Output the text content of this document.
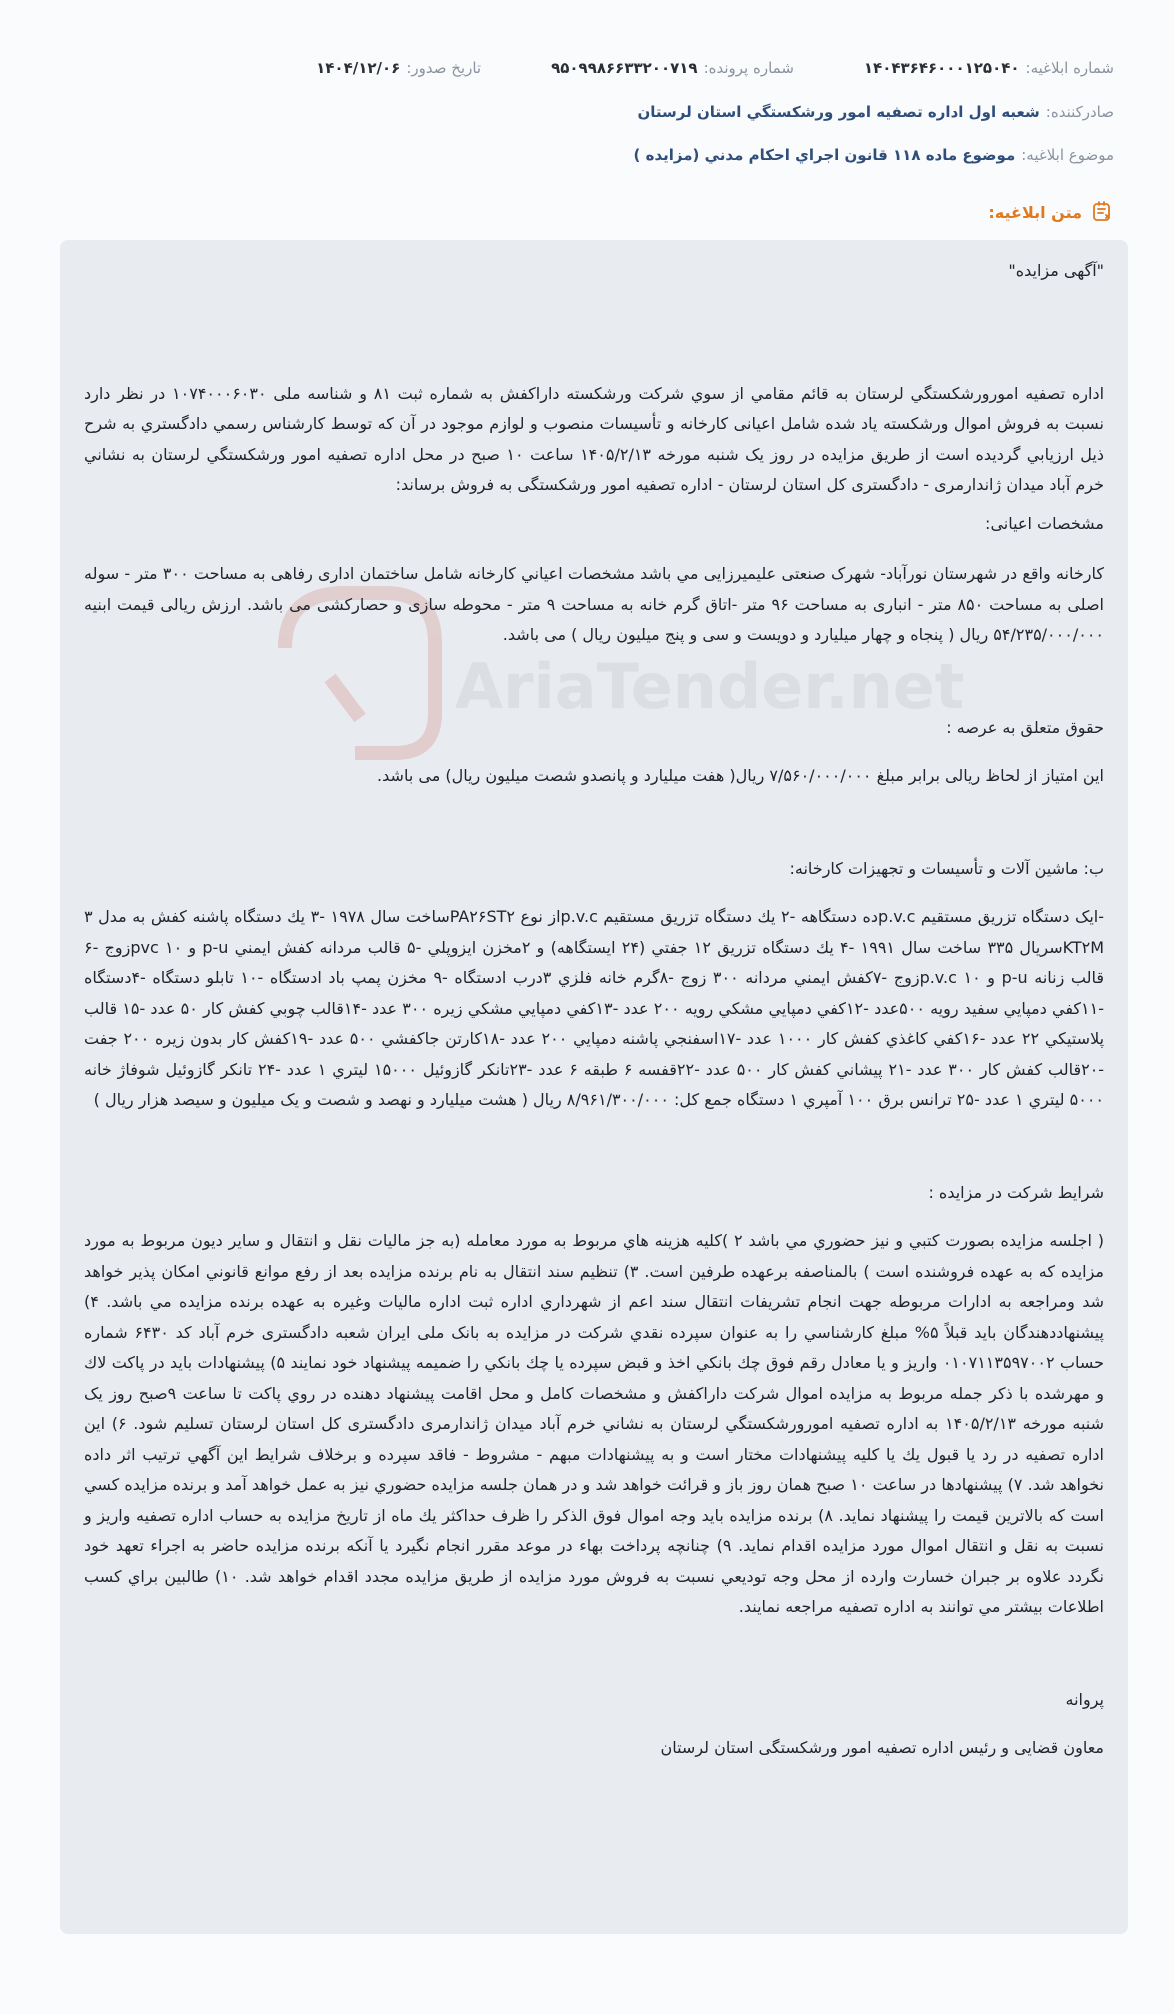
شماره ابلاغيه:
۱۴۰۴۳۶۴۶۰۰۰۱۲۵۰۴۰
شماره پرونده:
۹۵۰۹۹۸۶۶۳۳۲۰۰۷۱۹
تاريخ صدور:
۱۴۰۴/۱۲/۰۶
صادرکننده:
شعبه اول اداره تصفيه امور ورشکستگي استان لرستان
موضوع ابلاغيه:
موضوع ماده ۱۱۸ قانون اجراي احکام مدني (مزايده )
متن ابلاغيه:
AriaTender.net

"آگهی مزایده"

اداره تصفیه امورورشکستگي لرستان به قائم مقامي از سوي شرکت ورشکسته داراکفش به شماره ثبت ۸۱ و شناسه ملی ۱۰۷۴۰۰۰۶۰۳۰ در نظر دارد نسبت به فروش اموال ورشکسته یاد شده شامل اعیانی کارخانه و تأسیسات منصوب و لوازم موجود در آن که توسط کارشناس رسمي دادگستري به شرح ذیل ارزيابي گرديده است از طريق مزايده در روز یک شنبه مورخه ۱۴۰۵/۲/۱۳ ساعت ۱۰ صبح در محل اداره تصفیه امور ورشکستگي لرستان به نشاني خرم آباد میدان ژاندارمری - دادگستری کل استان لرستان - اداره تصفیه امور ورشکستگی به فروش برساند:

مشخصات اعیانی:

کارخانه واقع در شهرستان نورآباد- شهرک صنعتی علیمیرزایی مي باشد مشخصات اعیاني کارخانه شامل ساختمان اداری رفاهی به مساحت ۳۰۰ متر - سوله اصلی به مساحت ۸۵۰ متر - انباری به مساحت ۹۶ متر -اتاق گرم خانه به مساحت ۹ متر - محوطه سازی و حصارکشی می باشد. ارزش ریالی قیمت ابنیه ۵۴/۲۳۵/۰۰۰/۰۰۰ ریال ( پنجاه و چهار میلیارد و دویست و سی و پنج میلیون ریال ) می باشد.

حقوق متعلق به عرصه :

این امتیاز از لحاظ ریالی برابر مبلغ ۷/۵۶۰/۰۰۰/۰۰۰ ریال( هفت میلیارد و پانصدو شصت میلیون ریال) می باشد.

ب: ماشین آلات و تأسیسات و تجهیزات کارخانه:

-ایک دستگاه تزريق مستقيم p.v.cده دستگاهه -۲ يك دستگاه تزريق مستقيم p.v.cاز نوع PA۲۶ST۲ساخت سال ۱۹۷۸ -۳ يك دستگاه پاشنه کفش به مدل ۳ KT۲Mسريال ۳۳۵ ساخت سال ۱۹۹۱ -۴ يك دستگاه تزريق ۱۲ جفتي (۲۴ ايستگاهه) و ۲مخزن ايزوپلي -۵ قالب مردانه کفش ايمني p-u و pvc ۱۰زوج -۶ قالب زنانه p-u و p.v.c ۱۰زوج -۷کفش ايمني مردانه ۳۰۰ زوج -۸گرم خانه فلزي ۳درب ادستگاه -۹ مخزن پمپ باد ادستگاه -۱۰ تابلو دستگاه -۴دستگاه -۱۱کفي دمپايي سفيد رويه ۵۰۰عدد -۱۲کفي دمپايي مشکي رويه ۲۰۰ عدد -۱۳کفي دمپايي مشکي زيره ۳۰۰ عدد -۱۴قالب چوبي کفش کار ۵۰ عدد -۱۵ قالب پلاستيکي ۲۲ عدد -۱۶کفي کاغذي کفش کار ۱۰۰۰ عدد -۱۷اسفنجي پاشنه دمپايي ۲۰۰ عدد -۱۸کارتن جاکفشي ۵۰۰ عدد -۱۹کفش کار بدون زيره ۲۰۰ جفت -۲۰قالب کفش کار ۳۰۰ عدد -۲۱ پيشاني کفش کار ۵۰۰ عدد -۲۲قفسه ۶ طبقه ۶ عدد -۲۳تانکر گازوئيل ۱۵۰۰۰ ليتري ۱ عدد -۲۴ تانکر گازوئيل شوفاژ خانه ۵۰۰۰ ليتري ۱ عدد -۲۵ ترانس برق ۱۰۰ آمپري ۱ دستگاه جمع کل: ۸/۹۶۱/۳۰۰/۰۰۰ ريال ( هشت ميليارد و نهصد و شصت و يک ميليون و سيصد هزار ريال )

شرایط شرکت در مزایده :

( اجلسه مزایده بصورت کتبي و نيز حضوري مي باشد ۲ )کليه هزينه هاي مربوط به مورد معامله (به جز ماليات نقل و انتقال و ساير ديون مربوط به مورد مزايده که به عهده فروشنده است ) بالمناصفه برعهده طرفين است. ۳) تنظيم سند انتقال به نام برنده مزايده بعد از رفع موانع قانوني امکان پذير خواهد شد ومراجعه به ادارات مربوطه جهت انجام تشريفات انتقال سند اعم از شهرداري اداره ثبت اداره ماليات وغيره به عهده برنده مزايده مي باشد. ۴) پيشنهاددهندگان بايد قبلاً ۵% مبلغ کارشناسي را به عنوان سپرده نقدي شرکت در مزايده به بانک ملی ایران شعبه دادگستری خرم آباد کد ۶۴۳۰ شماره حساب ۰۱۰۷۱۱۳۵۹۷۰۰۲ واريز و يا معادل رقم فوق چك بانكي اخذ و قبض سپرده يا چك بانكي را ضميمه پيشنهاد خود نمايند ۵) پيشنهادات بايد در پاکت لاك و مهرشده با ذکر جمله مربوط به مزايده اموال شرکت داراکفش و مشخصات کامل و محل اقامت پيشنهاد دهنده در روي پاکت تا ساعت ۹صبح روز یک شنبه مورخه ۱۴۰۵/۲/۱۳ به اداره تصفیه امورورشکستگي لرستان به نشاني خرم آباد میدان ژاندارمری دادگستری کل استان لرستان تسليم شود. ۶) اين اداره تصفيه در رد يا قبول يك يا کليه پيشنهادات مختار است و به پيشنهادات مبهم - مشروط - فاقد سپرده و برخلاف شرايط اين آگهي ترتيب اثر داده نخواهد شد. ۷) پيشنهادها در ساعت ۱۰ صبح همان روز باز و قرائت خواهد شد و در همان جلسه مزايده حضوري نيز به عمل خواهد آمد و برنده مزايده کسي است که بالاترين قيمت را پيشنهاد نمايد. ۸) برنده مزايده بايد وجه اموال فوق الذکر را ظرف حداکثر يك ماه از تاريخ مزايده به حساب اداره تصفيه واريز و نسبت به نقل و انتقال اموال مورد مزايده اقدام نمايد. ۹) چنانچه پرداخت بهاء در موعد مقرر انجام نگيرد يا آنکه برنده مزايده حاضر به اجراء تعهد خود نگردد علاوه بر جبران خسارت وارده از محل وجه توديعي نسبت به فروش مورد مزايده از طريق مزايده مجدد اقدام خواهد شد. ۱۰) طالبين براي کسب اطلاعات بيشتر مي توانند به اداره تصفيه مراجعه نمايند.

پروانه

معاون قضایی و رئیس اداره تصفیه امور ورشکستگی استان لرستان
